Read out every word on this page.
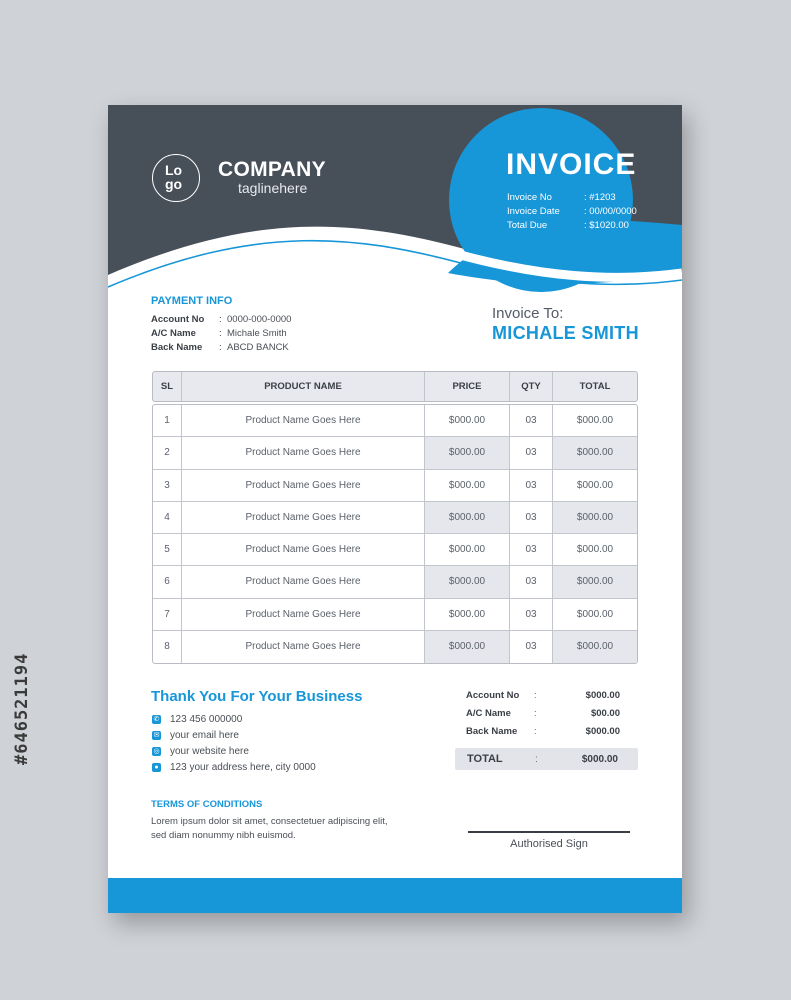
#646521194
Lo
go
COMPANY
taglinehere
INVOICE
Invoice No	: #1203
Invoice Date	: 00/00/0000
Total Due	: $1020.00
PAYMENT INFO
Account No	: 0000-000-0000
A/C Name	: Michale Smith
Back Name	: ABCD BANCK
Invoice To:
MICHALE SMITH
SL	PRODUCT NAME	PRICE	QTY	TOTAL
1	Product Name Goes Here	$000.00	03	$000.00
2	Product Name Goes Here	$000.00	03	$000.00
3	Product Name Goes Here	$000.00	03	$000.00
4	Product Name Goes Here	$000.00	03	$000.00
5	Product Name Goes Here	$000.00	03	$000.00
6	Product Name Goes Here	$000.00	03	$000.00
7	Product Name Goes Here	$000.00	03	$000.00
8	Product Name Goes Here	$000.00	03	$000.00
Thank You For Your Business
✆ 123 456 000000
✉ your email here
◎ your website here
● 123 your address here, city 0000
TERMS OF CONDITIONS
Lorem ipsum dolor sit amet, consectetuer adipiscing elit, sed diam nonummy nibh euismod.
Account No	:	$000.00
A/C Name	:	$00.00
Back Name	:	$000.00
TOTAL	:	$000.00
Authorised Sign
